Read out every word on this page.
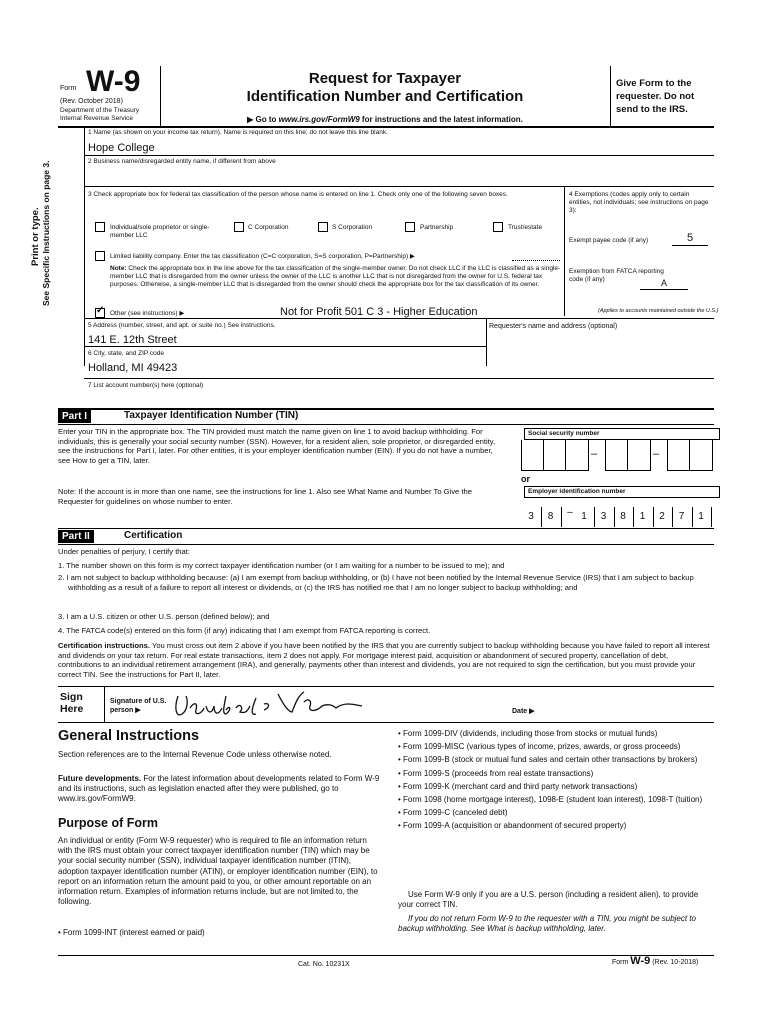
Form W-9
(Rev. October 2018)
Department of the Treasury
Internal Revenue Service
Request for Taxpayer
Identification Number and Certification
▶ Go to www.irs.gov/FormW9 for instructions and the latest information.
Give Form to the requester. Do not send to the IRS.
Print or type. See Specific Instructions on page 3.
1 Name (as shown on your income tax return). Name is required on this line; do not leave this line blank.
Hope College
2 Business name/disregarded entity name, if different from above
3 Check appropriate box for federal tax classification of the person whose name is entered on line 1. Check only one of the following seven boxes.
Individual/sole proprietor or single-member LLC
C Corporation	S Corporation	Partnership	Trust/estate
Limited liability company. Enter the tax classification (C=C corporation, S=S corporation, P=Partnership) ▶
Note: Check the appropriate box in the line above for the tax classification of the single-member owner. Do not check LLC if the LLC is classified as a single-member LLC that is disregarded from the owner unless the owner of the LLC is another LLC that is not disregarded from the owner for U.S. federal tax purposes. Otherwise, a single-member LLC that is disregarded from the owner should check the appropriate box for the tax classification of its owner.
✓ Other (see instructions) ▶	Not for Profit 501 C 3 - Higher Education
4 Exemptions (codes apply only to certain entities, not individuals; see instructions on page 3):
Exempt payee code (if any)	5
Exemption from FATCA reporting code (if any)	A
(Applies to accounts maintained outside the U.S.)
5 Address (number, street, and apt. or suite no.) See instructions.
141 E. 12th Street
Requester's name and address (optional)
6 City, state, and ZIP code
Holland, MI 49423
7 List account number(s) here (optional)
Part I	Taxpayer Identification Number (TIN)
Enter your TIN in the appropriate box. The TIN provided must match the name given on line 1 to avoid backup withholding. For individuals, this is generally your social security number (SSN). However, for a resident alien, sole proprietor, or disregarded entity, see the instructions for Part I, later. For other entities, it is your employer identification number (EIN). If you do not have a number, see How to get a TIN, later.
Note: If the account is in more than one name, see the instructions for line 1. Also see What Name and Number To Give the Requester for guidelines on whose number to enter.
Social security number
–	–
or
Employer identification number
3	8	– 1	3	8	1	2	7	1
Part II	Certification
Under penalties of perjury, I certify that:
1. The number shown on this form is my correct taxpayer identification number (or I am waiting for a number to be issued to me); and
2. I am not subject to backup withholding because: (a) I am exempt from backup withholding, or (b) I have not been notified by the Internal Revenue Service (IRS) that I am subject to backup withholding as a result of a failure to report all interest or dividends, or (c) the IRS has notified me that I am no longer subject to backup withholding; and
3. I am a U.S. citizen or other U.S. person (defined below); and
4. The FATCA code(s) entered on this form (if any) indicating that I am exempt from FATCA reporting is correct.
Certification instructions. You must cross out item 2 above if you have been notified by the IRS that you are currently subject to backup withholding because you have failed to report all interest and dividends on your tax return. For real estate transactions, item 2 does not apply. For mortgage interest paid, acquisition or abandonment of secured property, cancellation of debt, contributions to an individual retirement arrangement (IRA), and generally, payments other than interest and dividends, you are not required to sign the certification, but you must provide your correct TIN. See the instructions for Part II, later.
Sign Here
Signature of U.S. person ▶	Date ▶
General Instructions
Section references are to the Internal Revenue Code unless otherwise noted.
Future developments. For the latest information about developments related to Form W-9 and its instructions, such as legislation enacted after they were published, go to www.irs.gov/FormW9.
Purpose of Form
An individual or entity (Form W-9 requester) who is required to file an information return with the IRS must obtain your correct taxpayer identification number (TIN) which may be your social security number (SSN), individual taxpayer identification number (ITIN), adoption taxpayer identification number (ATIN), or employer identification number (EIN), to report on an information return the amount paid to you, or other amount reportable on an information return. Examples of information returns include, but are not limited to, the following.
• Form 1099-INT (interest earned or paid)
• Form 1099-DIV (dividends, including those from stocks or mutual funds)
• Form 1099-MISC (various types of income, prizes, awards, or gross proceeds)
• Form 1099-B (stock or mutual fund sales and certain other transactions by brokers)
• Form 1099-S (proceeds from real estate transactions)
• Form 1099-K (merchant card and third party network transactions)
• Form 1098 (home mortgage interest), 1098-E (student loan interest), 1098-T (tuition)
• Form 1099-C (canceled debt)
• Form 1099-A (acquisition or abandonment of secured property)
Use Form W-9 only if you are a U.S. person (including a resident alien), to provide your correct TIN.
If you do not return Form W-9 to the requester with a TIN, you might be subject to backup withholding. See What is backup withholding, later.
Cat. No. 10231X	Form W-9 (Rev. 10-2018)
